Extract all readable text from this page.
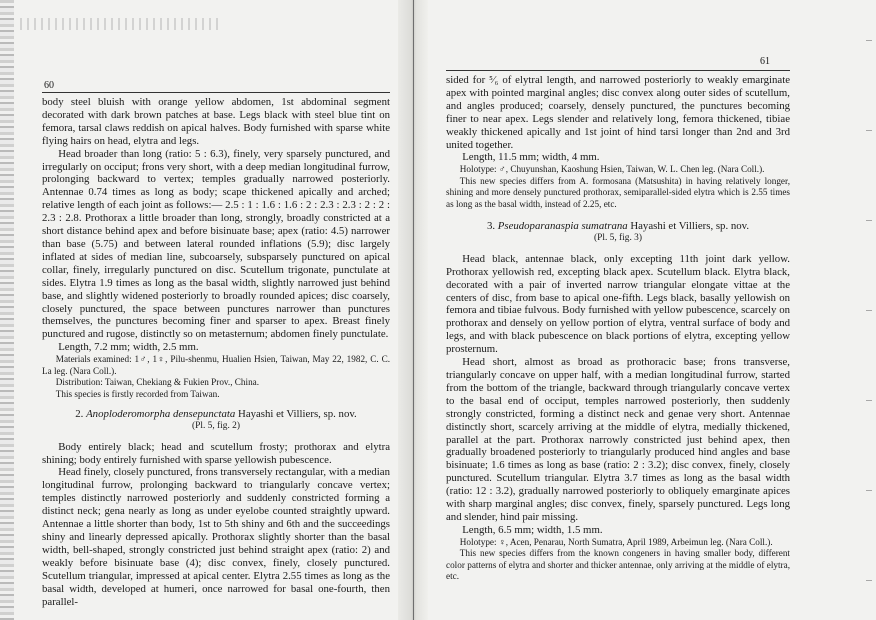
60
61

body steel bluish with orange yellow abdomen, 1st abdominal segment decorated with dark brown patches at base. Legs black with steel blue tint on femora, tarsal claws reddish on apical halves. Body furnished with sparse white flying hairs on head, elytra and legs.

Head broader than long (ratio: 5 : 6.3), finely, very sparsely punctured, and irregularly on occiput; frons very short, with a deep median longitudinal furrow, prolonging backward to vertex; temples gradually narrowed posteriorly. Antennae 0.74 times as long as body; scape thickened apically and arched; relative length of each joint as follows:— 2.5 : 1 : 1.6 : 1.6 : 2 : 2.3 : 2.3 : 2 : 2 : 2.3 : 2.8. Prothorax a little broader than long, strongly, broadly constricted at a short distance behind apex and before bisinuate base; apex (ratio: 4.5) narrower than base (5.75) and between lateral rounded inflations (5.9); disc largely inflated at sides of median line, subcoarsely, subsparsely punctured on apical collar, finely, irregularly punctured on disc. Scutellum trigonate, punctulate at sides. Elytra 1.9 times as long as the basal width, slightly narrowed just behind base, and slightly widened posteriorly to broadly rounded apices; disc coarsely, closely punctured, the space between punctures narrower than punctures themselves, the punctures becoming finer and sparser to apex. Breast finely punctured and rugose, distinctly so on metasternum; abdomen finely punctulate.

Length, 7.2 mm; width, 2.5 mm.

Materials examined: 1♂, 1♀, Pilu-shenmu, Hualien Hsien, Taiwan, May 22, 1982, C. C. La leg. (Nara Coll.).

Distribution: Taiwan, Chekiang & Fukien Prov., China.

This species is firstly recorded from Taiwan.

2. Anoploderomorpha densepunctata Hayashi et Villiers, sp. nov.
(Pl. 5, fig. 2)

Body entirely black; head and scutellum frosty; prothorax and elytra shining; body entirely furnished with sparse yellowish pubescence.

Head finely, closely punctured, frons transversely rectangular, with a median longitudinal furrow, prolonging backward to triangularly concave vertex; temples distinctly narrowed posteriorly and suddenly constricted forming a distinct neck; gena nearly as long as under eyelobe counted straightly upward. Antennae a little shorter than body, 1st to 5th shiny and 6th and the succeedings shiny and linearly depressed apically. Prothorax slightly shorter than the basal width, bell-shaped, strongly constricted just behind straight apex (ratio: 2) and weakly before bisinuate base (4); disc convex, finely, closely punctured. Scutellum triangular, impressed at apical center. Elytra 2.55 times as long as the basal width, developed at humeri, once narrowed for basal one-fourth, then parallel-

sided for ⁵⁄₆ of elytral length, and narrowed posteriorly to weakly emarginate apex with pointed marginal angles; disc convex along outer sides of scutellum, and angles produced; coarsely, densely punctured, the punctures becoming finer to near apex. Legs slender and relatively long, femora thickened, tibiae weakly thickened apically and 1st joint of hind tarsi longer than 2nd and 3rd united together.

Length, 11.5 mm; width, 4 mm.

Holotype: ♂, Chuyunshan, Kaoshung Hsien, Taiwan, W. L. Chen leg. (Nara Coll.).

This new species differs from A. formosana (Matsushita) in having relatively longer, shining and more densely punctured prothorax, semiparallel-sided elytra which is 2.55 times as long as the basal width, instead of 2.25, etc.

3. Pseudoparanaspia sumatrana Hayashi et Villiers, sp. nov.
(Pl. 5, fig. 3)

Head black, antennae black, only excepting 11th joint dark yellow. Prothorax yellowish red, excepting black apex. Scutellum black. Elytra black, decorated with a pair of inverted narrow triangular elongate vittae at the centers of disc, from base to apical one-fifth. Legs black, basally yellowish on femora and tibiae fulvous. Body furnished with yellow pubescence, scarcely on prothorax and densely on yellow portion of elytra, ventral surface of body and legs, and with black pubescence on black portions of elytra, excepting yellow prosternum.

Head short, almost as broad as prothoracic base; frons transverse, triangularly concave on upper half, with a median longitudinal furrow, started from the bottom of the triangle, backward through triangularly concave vertex to the basal end of occiput, temples narrowed posteriorly, then suddenly strongly constricted, forming a distinct neck and genae very short. Antennae distinctly short, scarcely arriving at the middle of elytra, medially thickened, parallel at the part. Prothorax narrowly constricted just behind apex, then gradually broadened posteriorly to triangularly produced hind angles and base bisinuate; 1.6 times as long as base (ratio: 2 : 3.2); disc convex, finely, closely punctured. Scutellum triangular. Elytra 3.7 times as long as the basal width (ratio: 12 : 3.2), gradually narrowed posteriorly to obliquely emarginate apices with sharp marginal angles; disc convex, finely, sparsely punctured. Legs long and slender, hind pair missing.

Length, 6.5 mm; width, 1.5 mm.

Holotype: ♀, Acen, Penarau, North Sumatra, April 1989, Arbeimun leg. (Nara Coll.).

This new species differs from the known congeners in having smaller body, different color patterns of elytra and shorter and thicker antennae, only arriving at the middle of elytra, etc.
